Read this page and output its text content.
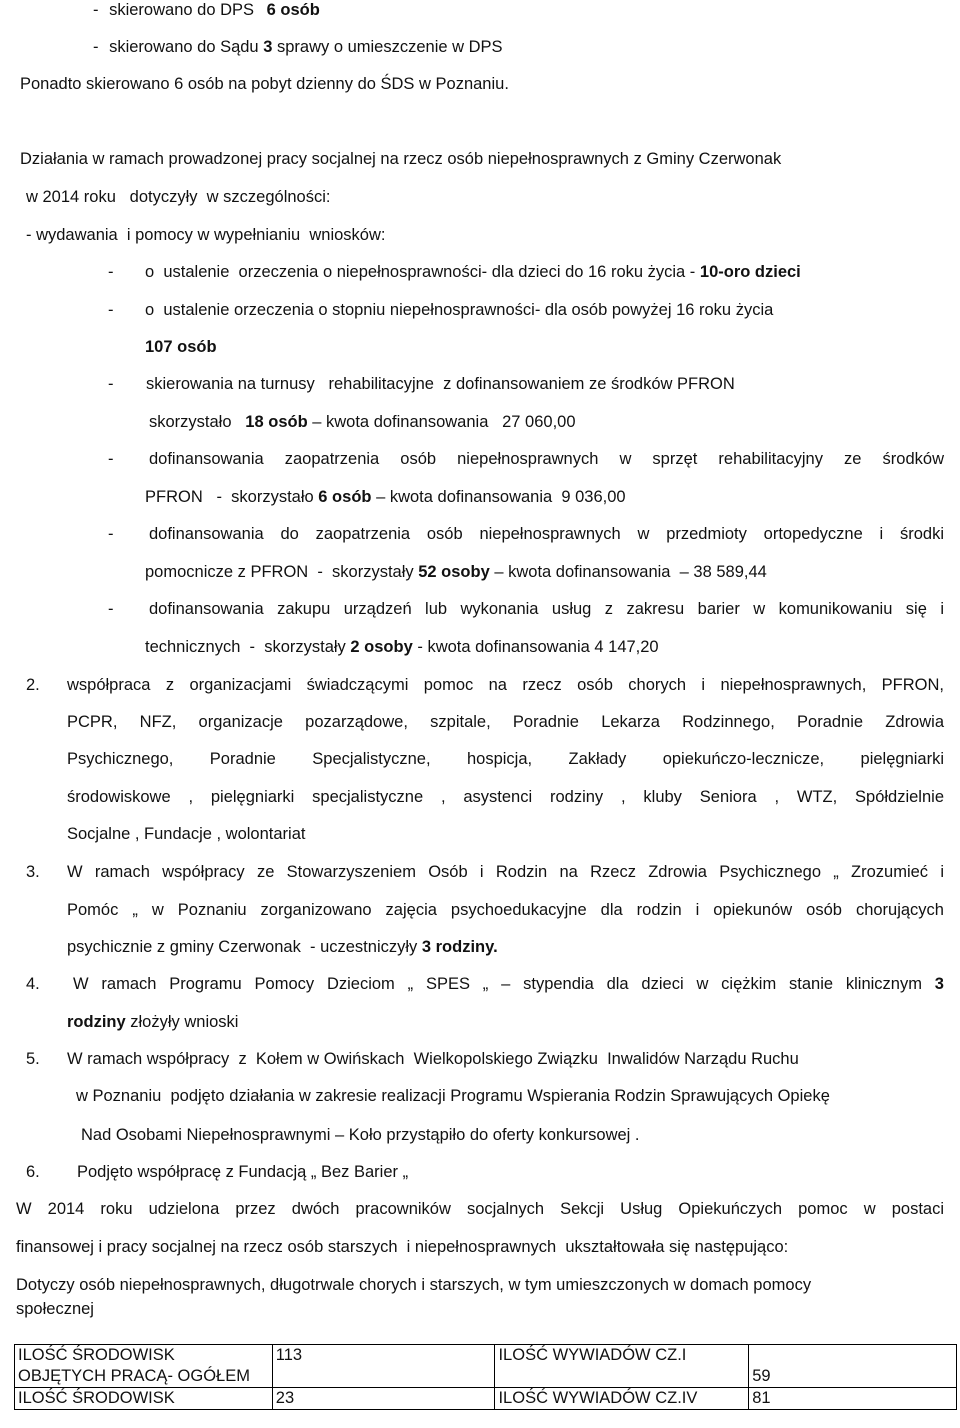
- skierowano do DPS 6 osób
- skierowano do Sądu 3 sprawy o umieszczenie w DPS
Ponadto skierowano 6 osób na pobyt dzienny do ŚDS w Poznaniu.
Działania w ramach prowadzonej pracy socjalnej na rzecz osób niepełnosprawnych z Gminy Czerwonak
w 2014 roku   dotyczyły  w szczególności:
- wydawania  i pomocy w wypełnianiu  wniosków:
- o  ustalenie  orzeczenia o niepełnosprawności- dla dzieci do 16 roku życia - 10-oro dzieci
- o  ustalenie orzeczenia o stopniu niepełnosprawności- dla osób powyżej 16 roku życia
107 osób
- skierowania na turnusy   rehabilitacyjne  z dofinansowaniem ze środków PFRON
skorzystało 18 osób – kwota dofinansowania   27 060,00
- dofinansowania zaopatrzenia osób niepełnosprawnych w sprzęt rehabilitacyjny ze środków
PFRON   -  skorzystało 6 osób – kwota dofinansowania  9 036,00
- dofinansowania do zaopatrzenia osób niepełnosprawnych w przedmioty ortopedyczne i środki
pomocnicze z PFRON  -  skorzystały 52 osoby – kwota dofinansowania  – 38 589,44
- dofinansowania zakupu urządzeń lub wykonania usług z zakresu barier w komunikowaniu się i
technicznych  -  skorzystały 2 osoby - kwota dofinansowania 4 147,20
2. współpraca z organizacjami świadczącymi pomoc na rzecz osób chorych i niepełnosprawnych, PFRON,
PCPR, NFZ, organizacje pozarządowe, szpitale, Poradnie Lekarza Rodzinnego, Poradnie Zdrowia
Psychicznego, Poradnie Specjalistyczne, hospicja, Zakłady opiekuńczo-lecznicze, pielęgniarki
środowiskowe , pielęgniarki specjalistyczne , asystenci rodziny , kluby Seniora , WTZ, Spółdzielnie
Socjalne , Fundacje , wolontariat
3. W ramach współpracy ze Stowarzyszeniem Osób i Rodzin na Rzecz Zdrowia Psychicznego „ Zrozumieć i
Pomóc „ w Poznaniu zorganizowano zajęcia psychoedukacyjne dla rodzin i opiekunów osób chorujących
psychicznie z gminy Czerwonak  - uczestniczyły 3 rodziny.
4. W ramach Programu Pomocy Dzieciom „ SPES „ – stypendia dla dzieci w ciężkim stanie klinicznym 3
rodziny złożyły wnioski
5. W ramach współpracy  z  Kołem w Owińskach  Wielkopolskiego Związku  Inwalidów Narządu Ruchu
w Poznaniu  podjęto działania w zakresie realizacji Programu Wspierania Rodzin Sprawujących Opiekę
Nad Osobami Niepełnosprawnymi – Koło przystąpiło do oferty konkursowej .
6. Podjęto współpracę z Fundacją „ Bez Barier „
W 2014 roku udzielona przez dwóch pracowników socjalnych Sekcji Usług Opiekuńczych pomoc w postaci
finansowej i pracy socjalnej na rzecz osób starszych  i niepełnosprawnych  ukształtowała się następująco:
Dotyczy osób niepełnosprawnych, długotrwale chorych i starszych, w tym umieszczonych w domach pomocy
społecznej
ILOŚĆ ŚRODOWISK
OBJĘTYCH PRACĄ- OGÓŁEM	113	ILOŚĆ WYWIADÓW CZ.I	59
ILOŚĆ ŚRODOWISK	23	ILOŚĆ WYWIADÓW CZ.IV	81
